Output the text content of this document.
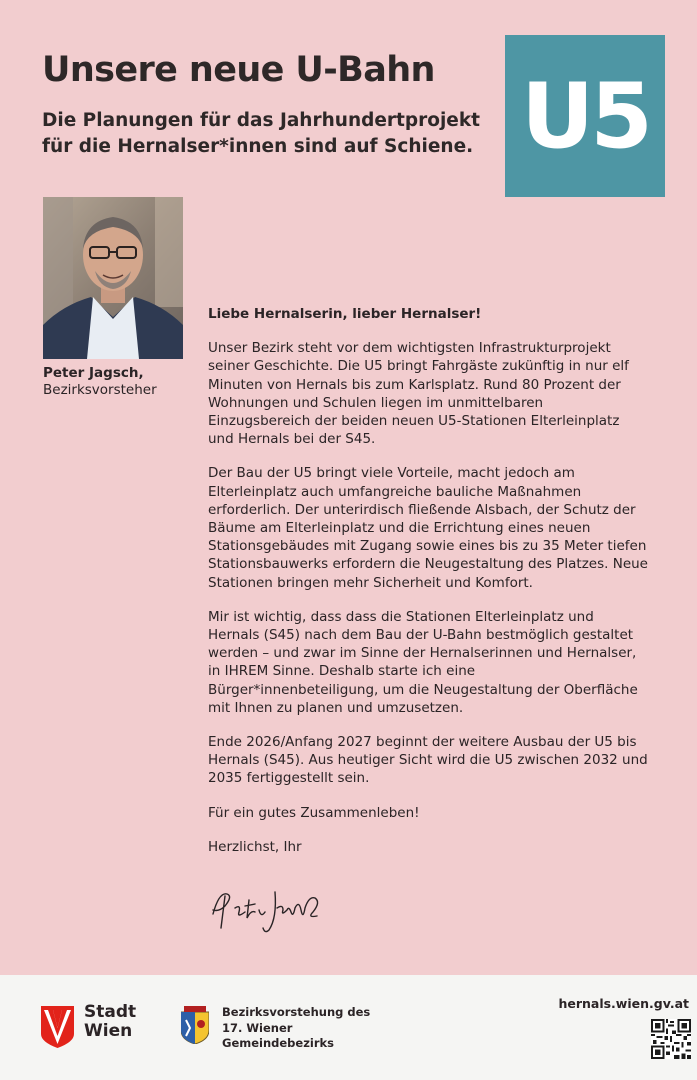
Unsere neue U-Bahn

Die Planungen für das Jahrhundertprojekt für die Hernalser*innen sind auf Schiene. U5
Peter Jagsch,
Bezirksvorsteher

Liebe Hernalserin, lieber Hernalser!

Unser Bezirk steht vor dem wichtigsten Infrastrukturprojekt seiner Geschichte. Die U5 bringt Fahrgäste zukünftig in nur elf Minuten von Hernals bis zum Karlsplatz. Rund 80 Prozent der Wohnungen und Schulen liegen im unmittelbaren Einzugsbereich der beiden neuen U5-Stationen Elterleinplatz und Hernals bei der S45.

Der Bau der U5 bringt viele Vorteile, macht jedoch am Elterleinplatz auch umfangreiche bauliche Maßnahmen erforderlich. Der unterirdisch fließende Alsbach, der Schutz der Bäume am Elterleinplatz und die Errichtung eines neuen Stationsgebäudes mit Zugang sowie eines bis zu 35 Meter tiefen Stationsbauwerks erfordern die Neugestaltung des Platzes. Neue Stationen bringen mehr Sicherheit und Komfort.

Mir ist wichtig, dass dass die Stationen Elterleinplatz und Hernals (S45) nach dem Bau der U-Bahn bestmöglich gestaltet werden – und zwar im Sinne der Hernalserinnen und Hernalser, in IHREM Sinne. Deshalb starte ich eine Bürger*innenbeteiligung, um die Neugestaltung der Oberfläche mit Ihnen zu planen und umzusetzen.

Ende 2026/Anfang 2027 beginnt der weitere Ausbau der U5 bis Hernals (S45). Aus heutiger Sicht wird die U5 zwischen 2032 und 2035 fertiggestellt sein.

Für ein gutes Zusammenleben!

Herzlichst, Ihr

Stadt
Wien
Bezirksvorstehung des
17. Wiener
Gemeindebezirks
hernals.wien.gv.at
